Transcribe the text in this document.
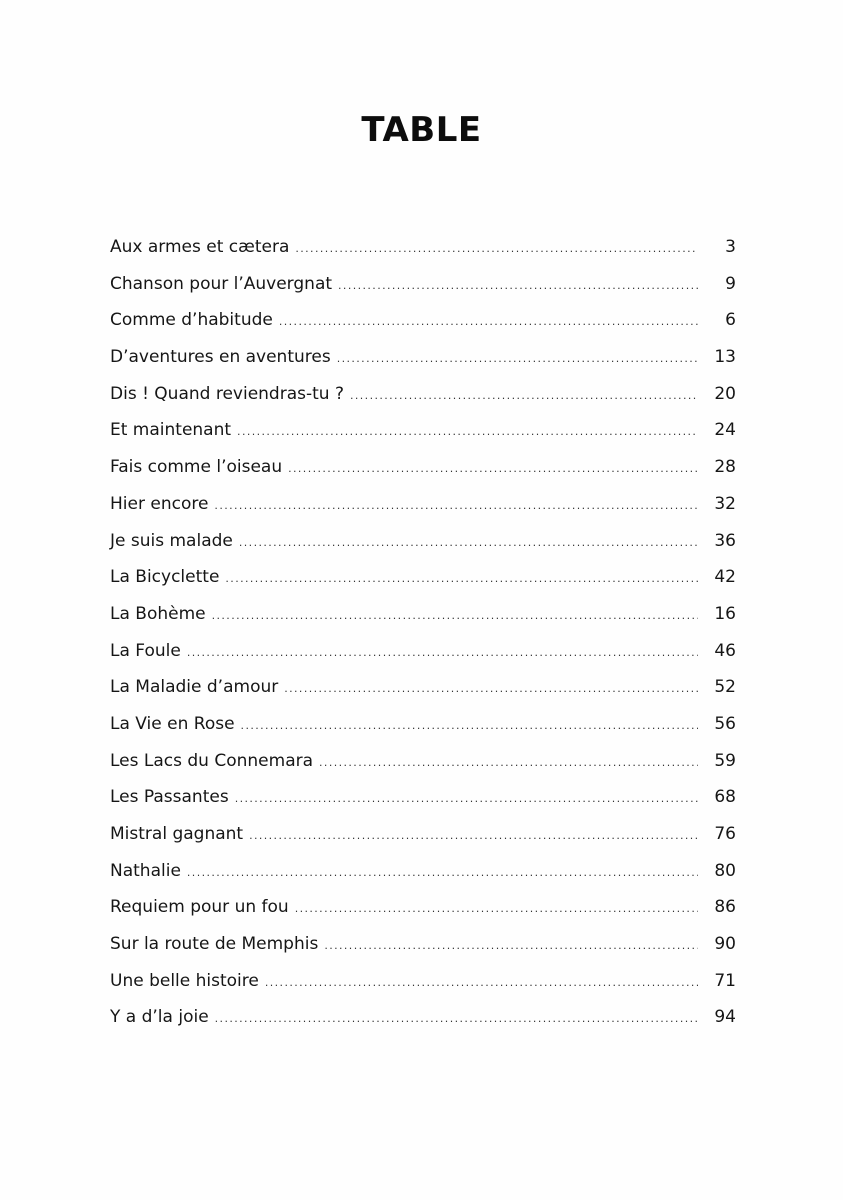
TABLE
Aux armes et cætera .....	3
Chanson pour l’Auvergnat .....	9
Comme d’habitude .....	6
D’aventures en aventures .....	13
Dis ! Quand reviendras-tu ? .....	20
Et maintenant .....	24
Fais comme l’oiseau .....	28
Hier encore .....	32
Je suis malade .....	36
La Bicyclette .....	42
La Bohème .....	16
La Foule .....	46
La Maladie d’amour .....	52
La Vie en Rose .....	56
Les Lacs du Connemara .....	59
Les Passantes .....	68
Mistral gagnant .....	76
Nathalie .....	80
Requiem pour un fou .....	86
Sur la route de Memphis .....	90
Une belle histoire .....	71
Y a d’la joie .....	94
